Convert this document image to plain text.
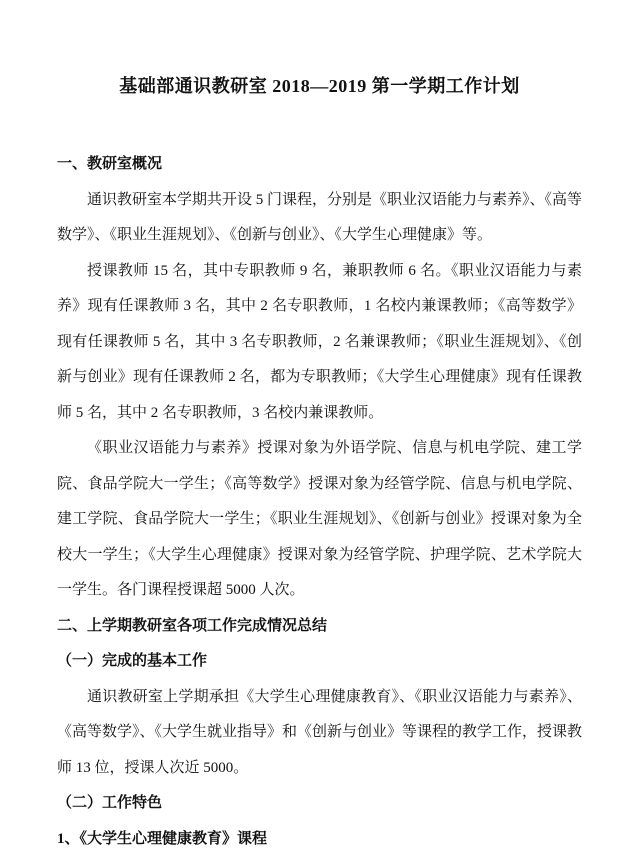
基础部通识教研室 2018—2019 第一学期工作计划
一、教研室概况

通识教研室本学期共开设 5 门课程，分别是《职业汉语能力与素养》、《高等数学》、《职业生涯规划》、《创新与创业》、《大学生心理健康》等。

授课教师 15 名，其中专职教师 9 名，兼职教师 6 名。《职业汉语能力与素养》现有任课教师 3 名，其中 2 名专职教师，1 名校内兼课教师；《高等数学》现有任课教师 5 名，其中 3 名专职教师，2 名兼课教师；《职业生涯规划》、《创新与创业》现有任课教师 2 名，都为专职教师；《大学生心理健康》现有任课教师 5 名，其中 2 名专职教师，3 名校内兼课教师。

《职业汉语能力与素养》授课对象为外语学院、信息与机电学院、建工学院、食品学院大一学生；《高等数学》授课对象为经管学院、信息与机电学院、建工学院、食品学院大一学生；《职业生涯规划》、《创新与创业》授课对象为全校大一学生；《大学生心理健康》授课对象为经管学院、护理学院、艺术学院大一学生。各门课程授课超 5000 人次。

二、上学期教研室各项工作完成情况总结
（一）完成的基本工作

通识教研室上学期承担《大学生心理健康教育》、《职业汉语能力与素养》、《高等数学》、《大学生就业指导》和《创新与创业》等课程的教学工作，授课教师 13 位，授课人次近 5000。

（二）工作特色
1、《大学生心理健康教育》课程
